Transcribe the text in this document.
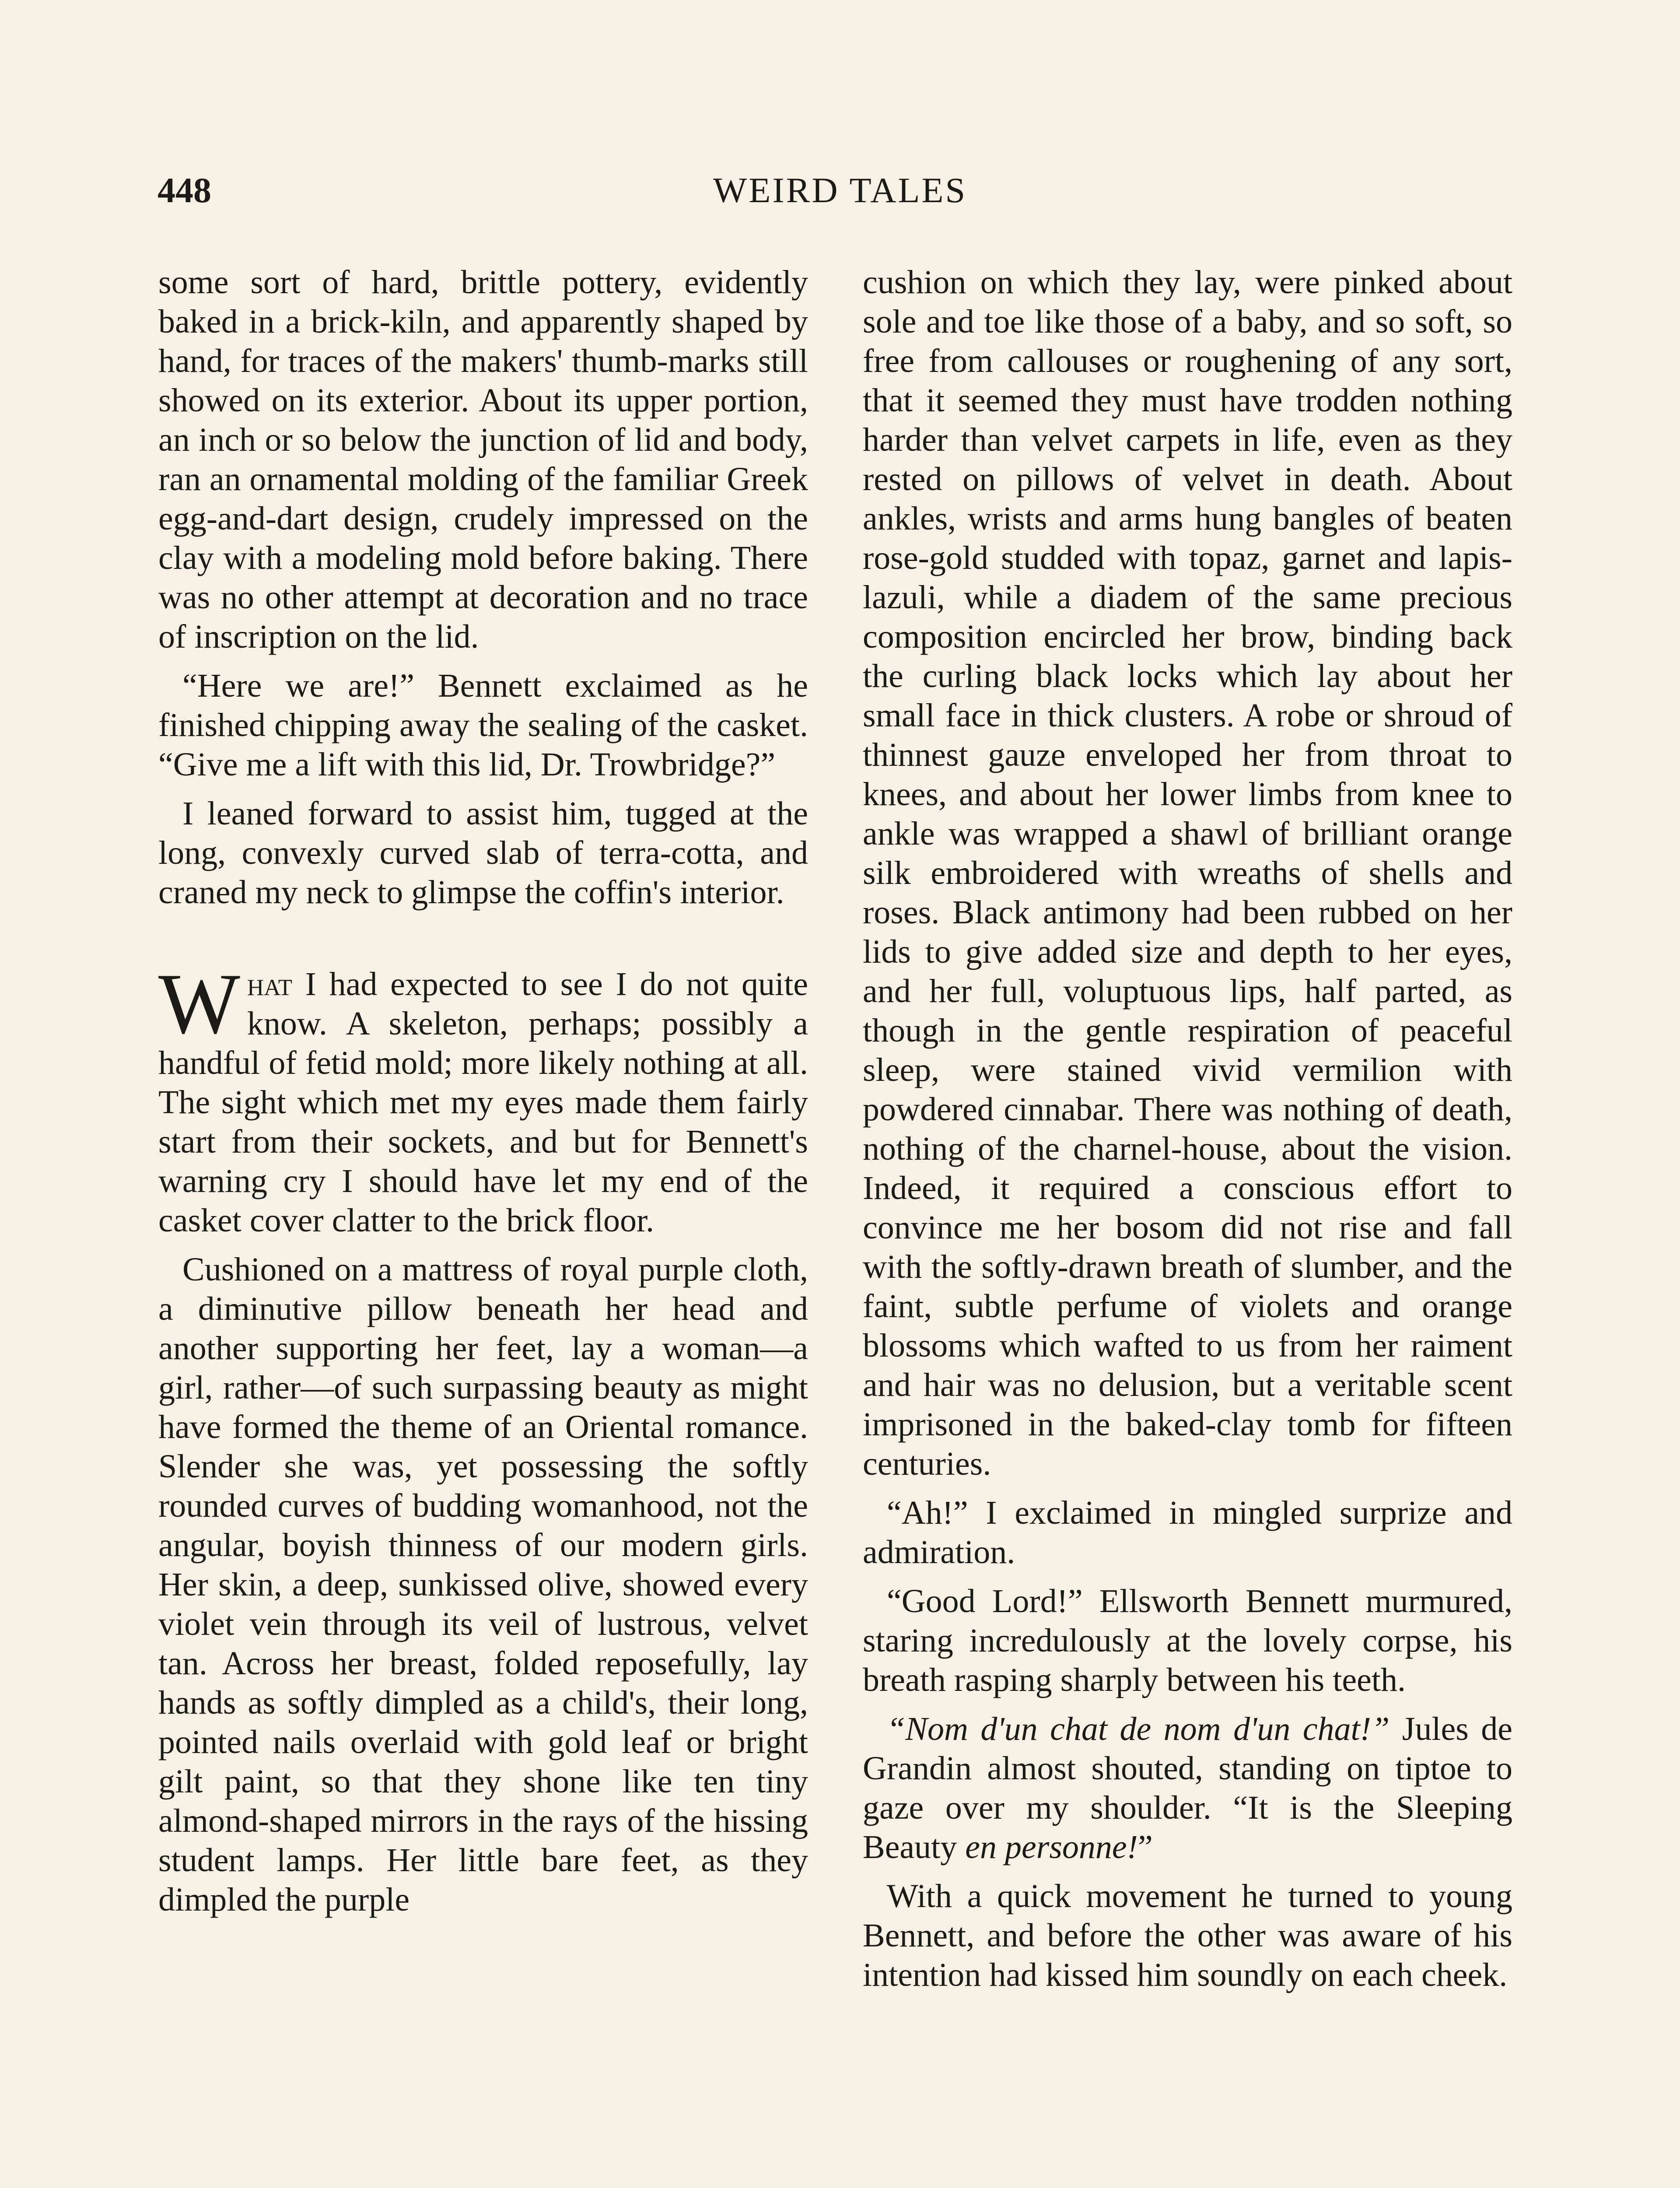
448	WEIRD TALES

some sort of hard, brittle pottery, evidently baked in a brick-kiln, and apparently shaped by hand, for traces of the makers' thumb-marks still showed on its exterior. About its upper portion, an inch or so below the junction of lid and body, ran an ornamental molding of the familiar Greek egg-and-dart design, crudely impressed on the clay with a modeling mold before baking. There was no other attempt at decoration and no trace of inscription on the lid.

“Here we are!” Bennett exclaimed as he finished chipping away the sealing of the casket. “Give me a lift with this lid, Dr. Trowbridge?”

I leaned forward to assist him, tugged at the long, convexly curved slab of terra-cotta, and craned my neck to glimpse the coffin's interior.

What I had expected to see I do not quite know. A skeleton, perhaps; possibly a handful of fetid mold; more likely nothing at all. The sight which met my eyes made them fairly start from their sockets, and but for Bennett's warning cry I should have let my end of the casket cover clatter to the brick floor.

Cushioned on a mattress of royal purple cloth, a diminutive pillow beneath her head and another supporting her feet, lay a woman—a girl, rather—of such surpassing beauty as might have formed the theme of an Oriental romance. Slender she was, yet possessing the softly rounded curves of budding womanhood, not the angular, boyish thinness of our modern girls. Her skin, a deep, sunkissed olive, showed every violet vein through its veil of lustrous, velvet tan. Across her breast, folded reposefully, lay hands as softly dimpled as a child's, their long, pointed nails overlaid with gold leaf or bright gilt paint, so that they shone like ten tiny almond-shaped mirrors in the rays of the hissing student lamps. Her little bare feet, as they dimpled the purple

cushion on which they lay, were pinked about sole and toe like those of a baby, and so soft, so free from callouses or roughening of any sort, that it seemed they must have trodden nothing harder than velvet carpets in life, even as they rested on pillows of velvet in death. About ankles, wrists and arms hung bangles of beaten rose-gold studded with topaz, garnet and lapis-lazuli, while a diadem of the same precious composition encircled her brow, binding back the curling black locks which lay about her small face in thick clusters. A robe or shroud of thinnest gauze enveloped her from throat to knees, and about her lower limbs from knee to ankle was wrapped a shawl of brilliant orange silk embroidered with wreaths of shells and roses. Black antimony had been rubbed on her lids to give added size and depth to her eyes, and her full, voluptuous lips, half parted, as though in the gentle respiration of peaceful sleep, were stained vivid vermilion with powdered cinnabar. There was nothing of death, nothing of the charnel-house, about the vision. Indeed, it required a conscious effort to convince me her bosom did not rise and fall with the softly-drawn breath of slumber, and the faint, subtle perfume of violets and orange blossoms which wafted to us from her raiment and hair was no delusion, but a veritable scent imprisoned in the baked-clay tomb for fifteen centuries.

“Ah!” I exclaimed in mingled surprize and admiration.

“Good Lord!” Ellsworth Bennett murmured, staring incredulously at the lovely corpse, his breath rasping sharply between his teeth.

“Nom d'un chat de nom d'un chat!” Jules de Grandin almost shouted, standing on tiptoe to gaze over my shoulder. “It is the Sleeping Beauty en personne!”

With a quick movement he turned to young Bennett, and before the other was aware of his intention had kissed him soundly on each cheek.
